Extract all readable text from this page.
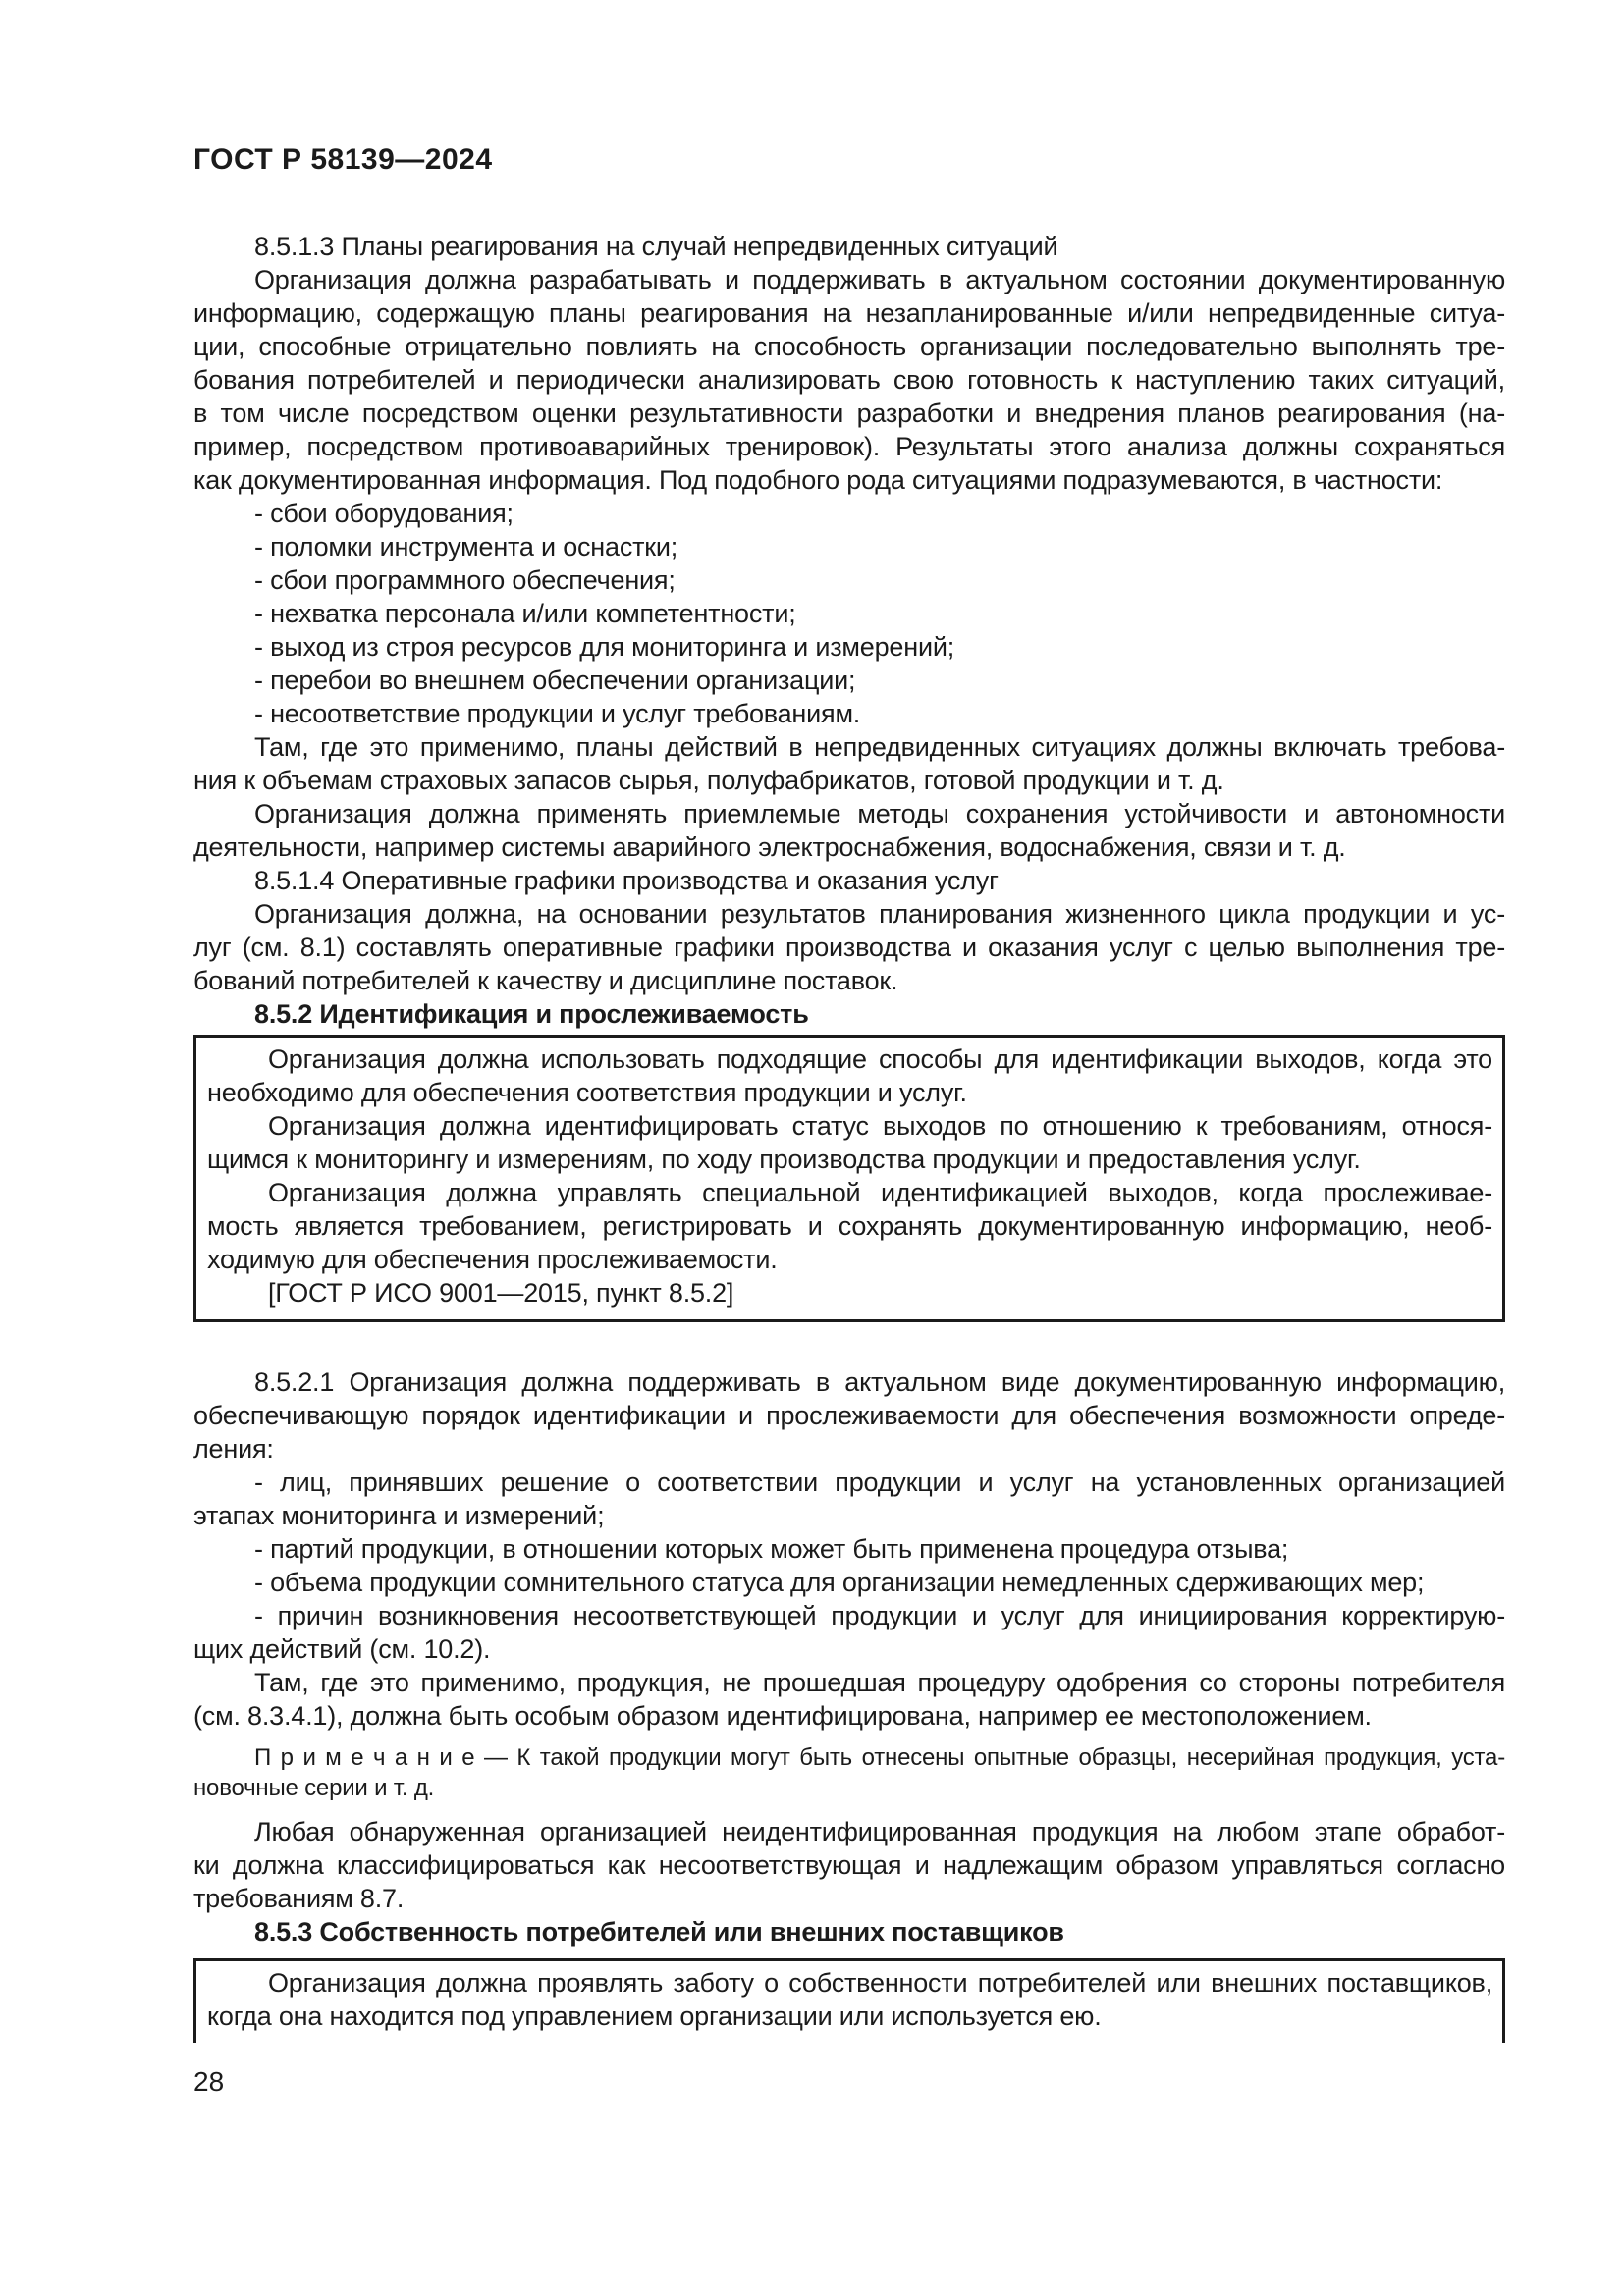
ГОСТ Р 58139—2024
8.5.1.3 Планы реагирования на случай непредвиденных ситуаций
Организация должна разрабатывать и поддерживать в актуальном состоянии документированную
информацию, содержащую планы реагирования на незапланированные и/или непредвиденные ситуа-
ции, способные отрицательно повлиять на способность организации последовательно выполнять тре-
бования потребителей и периодически анализировать свою готовность к наступлению таких ситуаций,
в том числе посредством оценки результативности разработки и внедрения планов реагирования (на-
пример, посредством противоаварийных тренировок). Результаты этого анализа должны сохраняться
как документированная информация. Под подобного рода ситуациями подразумеваются, в частности:
- сбои оборудования;
- поломки инструмента и оснастки;
- сбои программного обеспечения;
- нехватка персонала и/или компетентности;
- выход из строя ресурсов для мониторинга и измерений;
- перебои во внешнем обеспечении организации;
- несоответствие продукции и услуг требованиям.
Там, где это применимо, планы действий в непредвиденных ситуациях должны включать требова-
ния к объемам страховых запасов сырья, полуфабрикатов, готовой продукции и т. д.
Организация должна применять приемлемые методы сохранения устойчивости и автономности
деятельности, например системы аварийного электроснабжения, водоснабжения, связи и т. д.
8.5.1.4 Оперативные графики производства и оказания услуг
Организация должна, на основании результатов планирования жизненного цикла продукции и ус-
луг (см. 8.1) составлять оперативные графики производства и оказания услуг с целью выполнения тре-
бований потребителей к качеству и дисциплине поставок.
8.5.2 Идентификация и прослеживаемость
Организация должна использовать подходящие способы для идентификации выходов, когда это
необходимо для обеспечения соответствия продукции и услуг.
Организация должна идентифицировать статус выходов по отношению к требованиям, относя-
щимся к мониторингу и измерениям, по ходу производства продукции и предоставления услуг.
Организация должна управлять специальной идентификацией выходов, когда прослеживае-
мость является требованием, регистрировать и сохранять документированную информацию, необ-
ходимую для обеспечения прослеживаемости.
[ГОСТ Р ИСО 9001—2015, пункт 8.5.2]
8.5.2.1 Организация должна поддерживать в актуальном виде документированную информацию,
обеспечивающую порядок идентификации и прослеживаемости для обеспечения возможности опреде-
ления:
- лиц, принявших решение о соответствии продукции и услуг на установленных организацией
этапах мониторинга и измерений;
- партий продукции, в отношении которых может быть применена процедура отзыва;
- объема продукции сомнительного статуса для организации немедленных сдерживающих мер;
- причин возникновения несоответствующей продукции и услуг для инициирования корректирую-
щих действий (см. 10.2).
Там, где это применимо, продукция, не прошедшая процедуру одобрения со стороны потребителя
(см. 8.3.4.1), должна быть особым образом идентифицирована, например ее местоположением.
П р и м е ч а н и е — К такой продукции могут быть отнесены опытные образцы, несерийная продукция, уста-
новочные серии и т. д.
Любая обнаруженная организацией неидентифицированная продукция на любом этапе обработ-
ки должна классифицироваться как несоответствующая и надлежащим образом управляться согласно
требованиям 8.7.
8.5.3 Собственность потребителей или внешних поставщиков
Организация должна проявлять заботу о собственности потребителей или внешних поставщиков,
когда она находится под управлением организации или используется ею.
28
